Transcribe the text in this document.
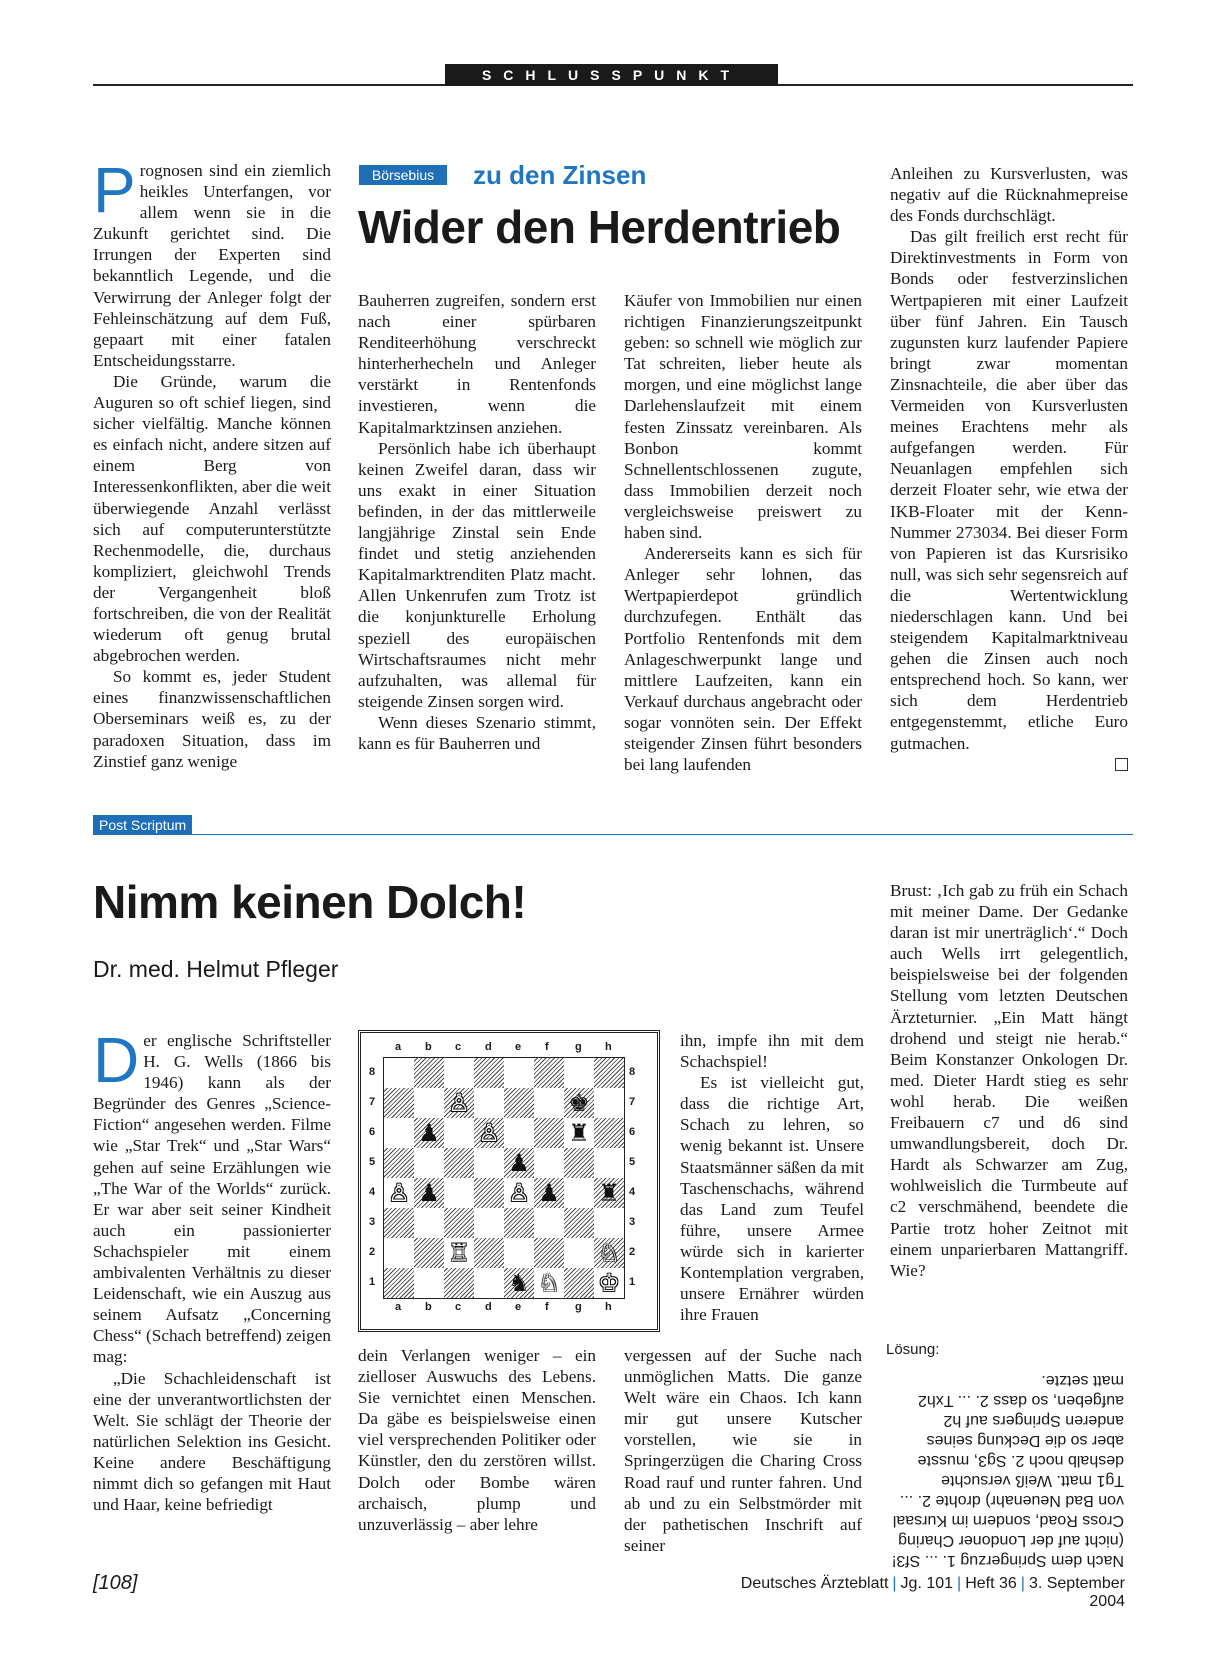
SCHLUSSPUNKT
P rognosen sind ein ziemlich heikles Unterfangen, vor allem wenn sie in die Zukunft gerichtet sind. Die Irrungen der Experten sind bekanntlich Legende, und die Verwirrung der Anleger folgt der Fehleinschätzung auf dem Fuß, gepaart mit einer fatalen Entscheidungsstarre.

Die Gründe, warum die Auguren so oft schief liegen, sind sicher vielfältig. Manche können es einfach nicht, andere sitzen auf einem Berg von Interessenkonflikten, aber die weit überwiegende Anzahl verlässt sich auf computerunterstützte Rechenmodelle, die, durchaus kompliziert, gleichwohl Trends der Vergangenheit bloß fortschreiben, die von der Realität wiederum oft genug brutal abgebrochen werden.

So kommt es, jeder Student eines finanzwissenschaftlichen Oberseminars weiß es, zu der paradoxen Situation, dass im Zinstief ganz wenige

Börsebius	zu den Zinsen
Wider den Herdentrieb

Bauherren zugreifen, sondern erst nach einer spürbaren Renditeerhöhung verschreckt hinterherhecheln und Anleger verstärkt in Rentenfonds investieren, wenn die Kapitalmarktzinsen anziehen.

Persönlich habe ich überhaupt keinen Zweifel daran, dass wir uns exakt in einer Situation befinden, in der das mittlerweile langjährige Zinstal sein Ende findet und stetig anziehenden Kapitalmarktrenditen Platz macht. Allen Unkenrufen zum Trotz ist die konjunkturelle Erholung speziell des europäischen Wirtschaftsraumes nicht mehr aufzuhalten, was allemal für steigende Zinsen sorgen wird.

Wenn dieses Szenario stimmt, kann es für Bauherren und

Käufer von Immobilien nur einen richtigen Finanzierungszeitpunkt geben: so schnell wie möglich zur Tat schreiten, lieber heute als morgen, und eine möglichst lange Darlehenslaufzeit mit einem festen Zinssatz vereinbaren. Als Bonbon kommt Schnellentschlossenen zugute, dass Immobilien derzeit noch vergleichsweise preiswert zu haben sind.

Andererseits kann es sich für Anleger sehr lohnen, das Wertpapierdepot gründlich durchzufegen. Enthält das Portfolio Rentenfonds mit dem Anlageschwerpunkt lange und mittlere Laufzeiten, kann ein Verkauf durchaus angebracht oder sogar vonnöten sein. Der Effekt steigender Zinsen führt besonders bei lang laufenden

Anleihen zu Kursverlusten, was negativ auf die Rücknahmepreise des Fonds durchschlägt.

Das gilt freilich erst recht für Direktinvestments in Form von Bonds oder festverzinslichen Wertpapieren mit einer Laufzeit über fünf Jahren. Ein Tausch zugunsten kurz laufender Papiere bringt zwar momentan Zinsnachteile, die aber über das Vermeiden von Kursverlusten meines Erachtens mehr als aufgefangen werden. Für Neuanlagen empfehlen sich derzeit Floater sehr, wie etwa der IKB-Floater mit der Kenn-Nummer 273034. Bei dieser Form von Papieren ist das Kursrisiko null, was sich sehr segensreich auf die Wertentwicklung niederschlagen kann. Und bei steigendem Kapitalmarktniveau gehen die Zinsen auch noch entsprechend hoch. So kann, wer sich dem Herdentrieb entgegenstemmt, etliche Euro gutmachen.

Post Scriptum
Nimm keinen Dolch!
Dr. med. Helmut Pfleger
D er englische Schriftsteller H. G. Wells (1866 bis 1946) kann als der Begründer des Genres „Science-Fiction“ angesehen werden. Filme wie „Star Trek“ und „Star Wars“ gehen auf seine Erzählungen wie „The War of the Worlds“ zurück. Er war aber seit seiner Kindheit auch ein passionierter Schachspieler mit einem ambivalenten Verhältnis zu dieser Leidenschaft, wie ein Auszug aus seinem Aufsatz „Concerning Chess“ (Schach betreffend) zeigen mag:

„Die Schachleidenschaft ist eine der unverantwortlichsten der Welt. Sie schlägt der Theorie der natürlichen Selektion ins Gesicht. Keine andere Beschäftigung nimmt dich so gefangen mit Haut und Haar, keine befriedigt

♙	♚
♟ ♙	♜
♟
♙ ♟	♙ ♟ ♜
♖	♘
♞ ♘ ♔
a
a
b
b
c
c
d
d
e
e
f
f
g
g
h
h
8	8
7	7
6	6
5	5
4	4
3	3
2	2
1	1

dein Verlangen weniger – ein zielloser Auswuchs des Lebens. Sie vernichtet einen Menschen. Da gäbe es beispielsweise einen viel versprechenden Politiker oder Künstler, den du zerstören willst. Dolch oder Bombe wären archaisch, plump und unzuverlässig – aber lehre

ihn, impfe ihn mit dem Schachspiel!

Es ist vielleicht gut, dass die richtige Art, Schach zu lehren, so wenig bekannt ist. Unsere Staatsmänner säßen da mit Taschenschachs, während das Land zum Teufel führe, unsere Armee würde sich in karierter Kontemplation vergraben, unsere Ernährer würden ihre Frauen

vergessen auf der Suche nach unmöglichen Matts. Die ganze Welt wäre ein Chaos. Ich kann mir gut unsere Kutscher vorstellen, wie sie in Springerzügen die Charing Cross Road rauf und runter fahren. Und ab und zu ein Selbstmörder mit der pathetischen Inschrift auf seiner

Brust: ‚Ich gab zu früh ein Schach mit meiner Dame. Der Gedanke daran ist mir unerträglich‘.“ Doch auch Wells irrt gelegentlich, beispielsweise bei der folgenden Stellung vom letzten Deutschen Ärzteturnier. „Ein Matt hängt drohend und steigt nie herab.“ Beim Konstanzer Onkologen Dr. med. Dieter Hardt stieg es sehr wohl herab. Die weißen Freibauern c7 und d6 sind umwandlungsbereit, doch Dr. Hardt als Schwarzer am Zug, wohlweislich die Turmbeute auf c2 verschmähend, beendete die Partie trotz hoher Zeitnot mit einem unparierbaren Mattangriff. Wie?

Lösung:
Nach dem Springerzug 1. ... Sf3! (nicht auf der Londoner Charing Cross Road, sondern im Kursaal von Bad Neuenahr) drohte 2. ... Tg1 matt. Weiß versuchte deshalb noch 2. Sg3, musste aber so die Deckung seines anderen Springers auf h2 aufgeben, so dass 2. ... Txh2 matt setzte.
[108]	Deutsches Ärzteblatt | Jg. 101 | Heft 36 | 3. September 2004
